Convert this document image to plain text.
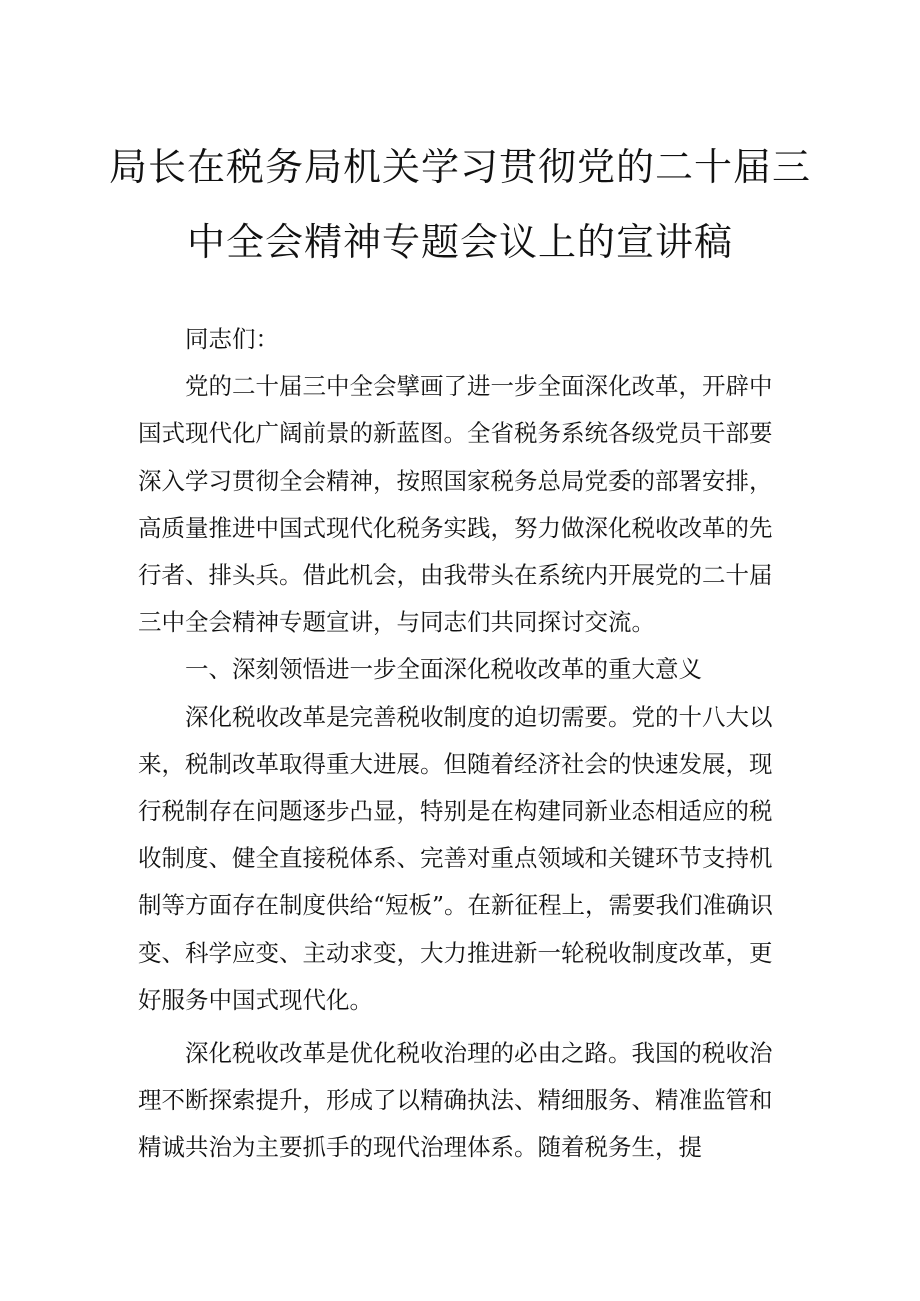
局长在税务局机关学习贯彻党的二十届三
中全会精神专题会议上的宣讲稿

同志们：

党的二十届三中全会擘画了进一步全面深化改革，开辟中国式现代化广阔前景的新蓝图。全省税务系统各级党员干部要深入学习贯彻全会精神，按照国家税务总局党委的部署安排，高质量推进中国式现代化税务实践，努力做深化税收改革的先行者、排头兵。借此机会，由我带头在系统内开展党的二十届三中全会精神专题宣讲，与同志们共同探讨交流。

一、深刻领悟进一步全面深化税收改革的重大意义

深化税收改革是完善税收制度的迫切需要。党的十八大以来，税制改革取得重大进展。但随着经济社会的快速发展，现行税制存在问题逐步凸显，特别是在构建同新业态相适应的税收制度、健全直接税体系、完善对重点领域和关键环节支持机制等方面存在制度供给“短板”。在新征程上，需要我们准确识变、科学应变、主动求变，大力推进新一轮税收制度改革，更好服务中国式现代化。

深化税收改革是优化税收治理的必由之路。我国的税收治理不断探索提升，形成了以精确执法、精细服务、精准监管和精诚共治为主要抓手的现代治理体系。随着税务生，提
